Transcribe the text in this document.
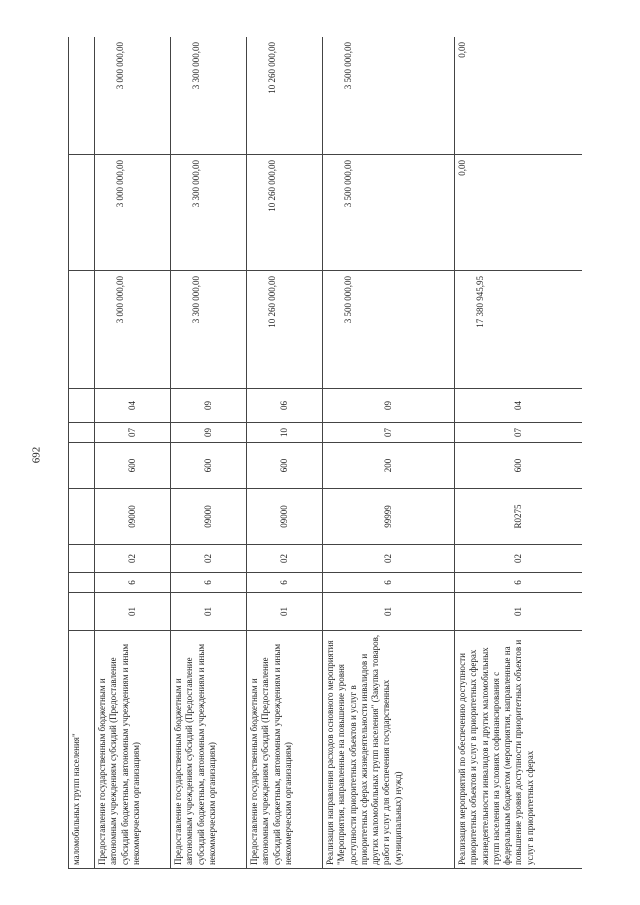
692
маломобильных групп населения"										
Предоставление государственным бюджетным и автономным учреждениям субсидий (Предоставление субсидий бюджетным, автономным учреждениям и иным некоммерческим организациям)	01	6	02	09000	600	07	04	3 000 000,00	3 000 000,00	3 000 000,00
Предоставление государственным бюджетным и автономным учреждениям субсидий (Предоставление субсидий бюджетным, автономным учреждениям и иным некоммерческим организациям)	01	6	02	09000	600	09	09	3 300 000,00	3 300 000,00	3 300 000,00
Предоставление государственным бюджетным и автономным учреждениям субсидий (Предоставление субсидий бюджетным, автономным учреждениям и иным некоммерческим организациям)	01	6	02	09000	600	10	06	10 260 000,00	10 260 000,00	10 260 000,00
Реализация направления расходов основного мероприятия "Мероприятия, направленные на повышение уровня доступности приоритетных объектов и услуг в приоритетных сферах жизнедеятельности инвалидов и других маломобильных групп населения" (Закупка товаров, работ и услуг для обеспечения государственных (муниципальных) нужд)	01	6	02	99999	200	07	09	3 500 000,00	3 500 000,00	3 500 000,00
Реализация мероприятий по обеспечению доступности приоритетных объектов и услуг в приоритетных сферах жизнедеятельности инвалидов и других маломобильных групп населения на условиях софинансирования с федеральным бюджетом (мероприятия, направленные на повышение уровня доступности приоритетных объектов и услуг в приоритетных сферах	01	6	02	R0275	600	07	04	17 380 945,95	0,00	0,00
